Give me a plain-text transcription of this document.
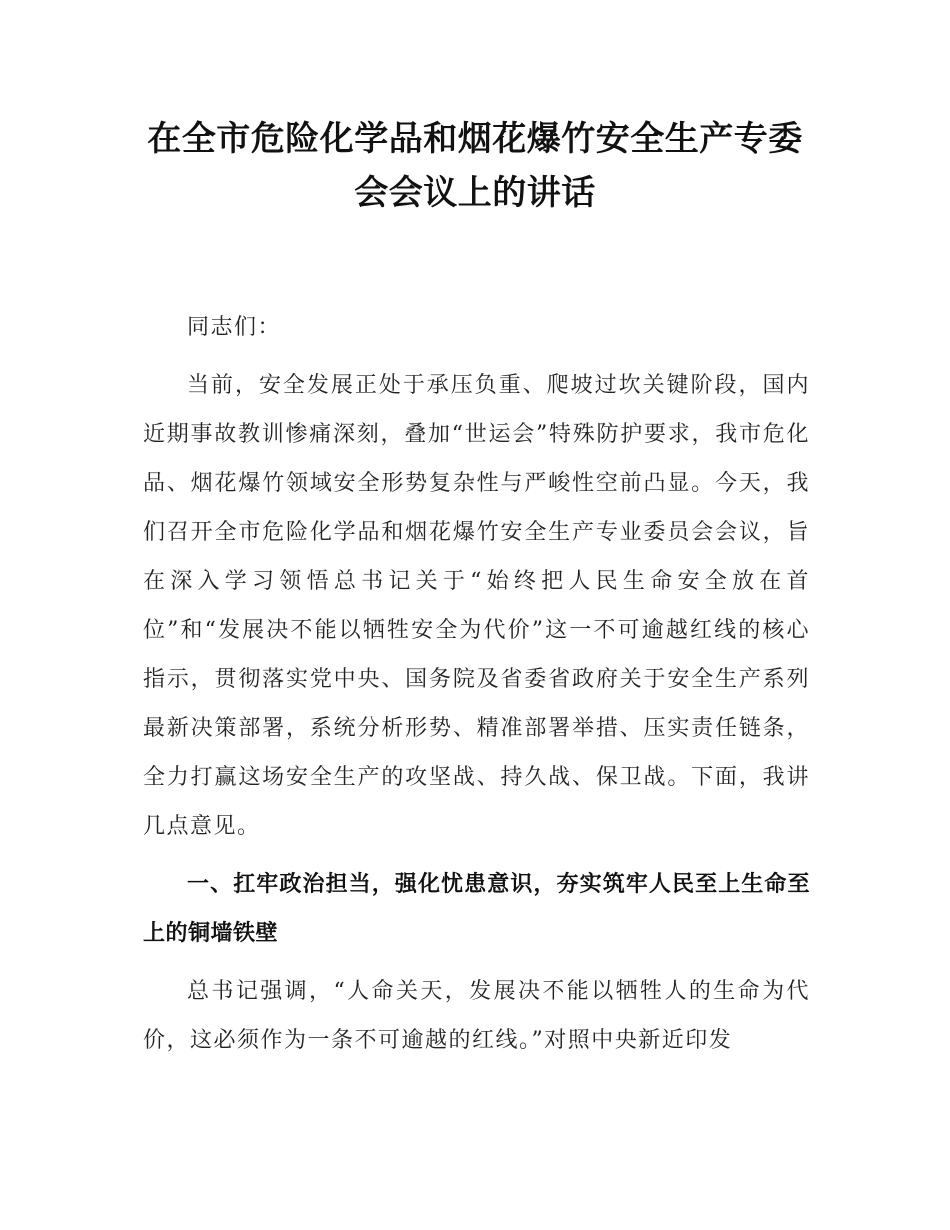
在全市危险化学品和烟花爆竹安全生产专委
会会议上的讲话

同志们：

当前，安全发展正处于承压负重、爬坡过坎关键阶段，国内近期事故教训惨痛深刻，叠加“世运会”特殊防护要求，我市危化品、烟花爆竹领域安全形势复杂性与严峻性空前凸显。今天，我们召开全市危险化学品和烟花爆竹安全生产专业委员会会议，旨在深入学习领悟总书记关于“始终把人民生命安全放在首位”和“发展决不能以牺牲安全为代价”这一不可逾越红线的核心指示，贯彻落实党中央、国务院及省委省政府关于安全生产系列最新决策部署，系统分析形势、精准部署举措、压实责任链条，全力打赢这场安全生产的攻坚战、持久战、保卫战。下面，我讲几点意见。

一、扛牢政治担当，强化忧患意识，夯实筑牢人民至上生命至上的铜墙铁壁

总书记强调，“人命关天，发展决不能以牺牲人的生命为代价，这必须作为一条不可逾越的红线。”对照中央新近印发
